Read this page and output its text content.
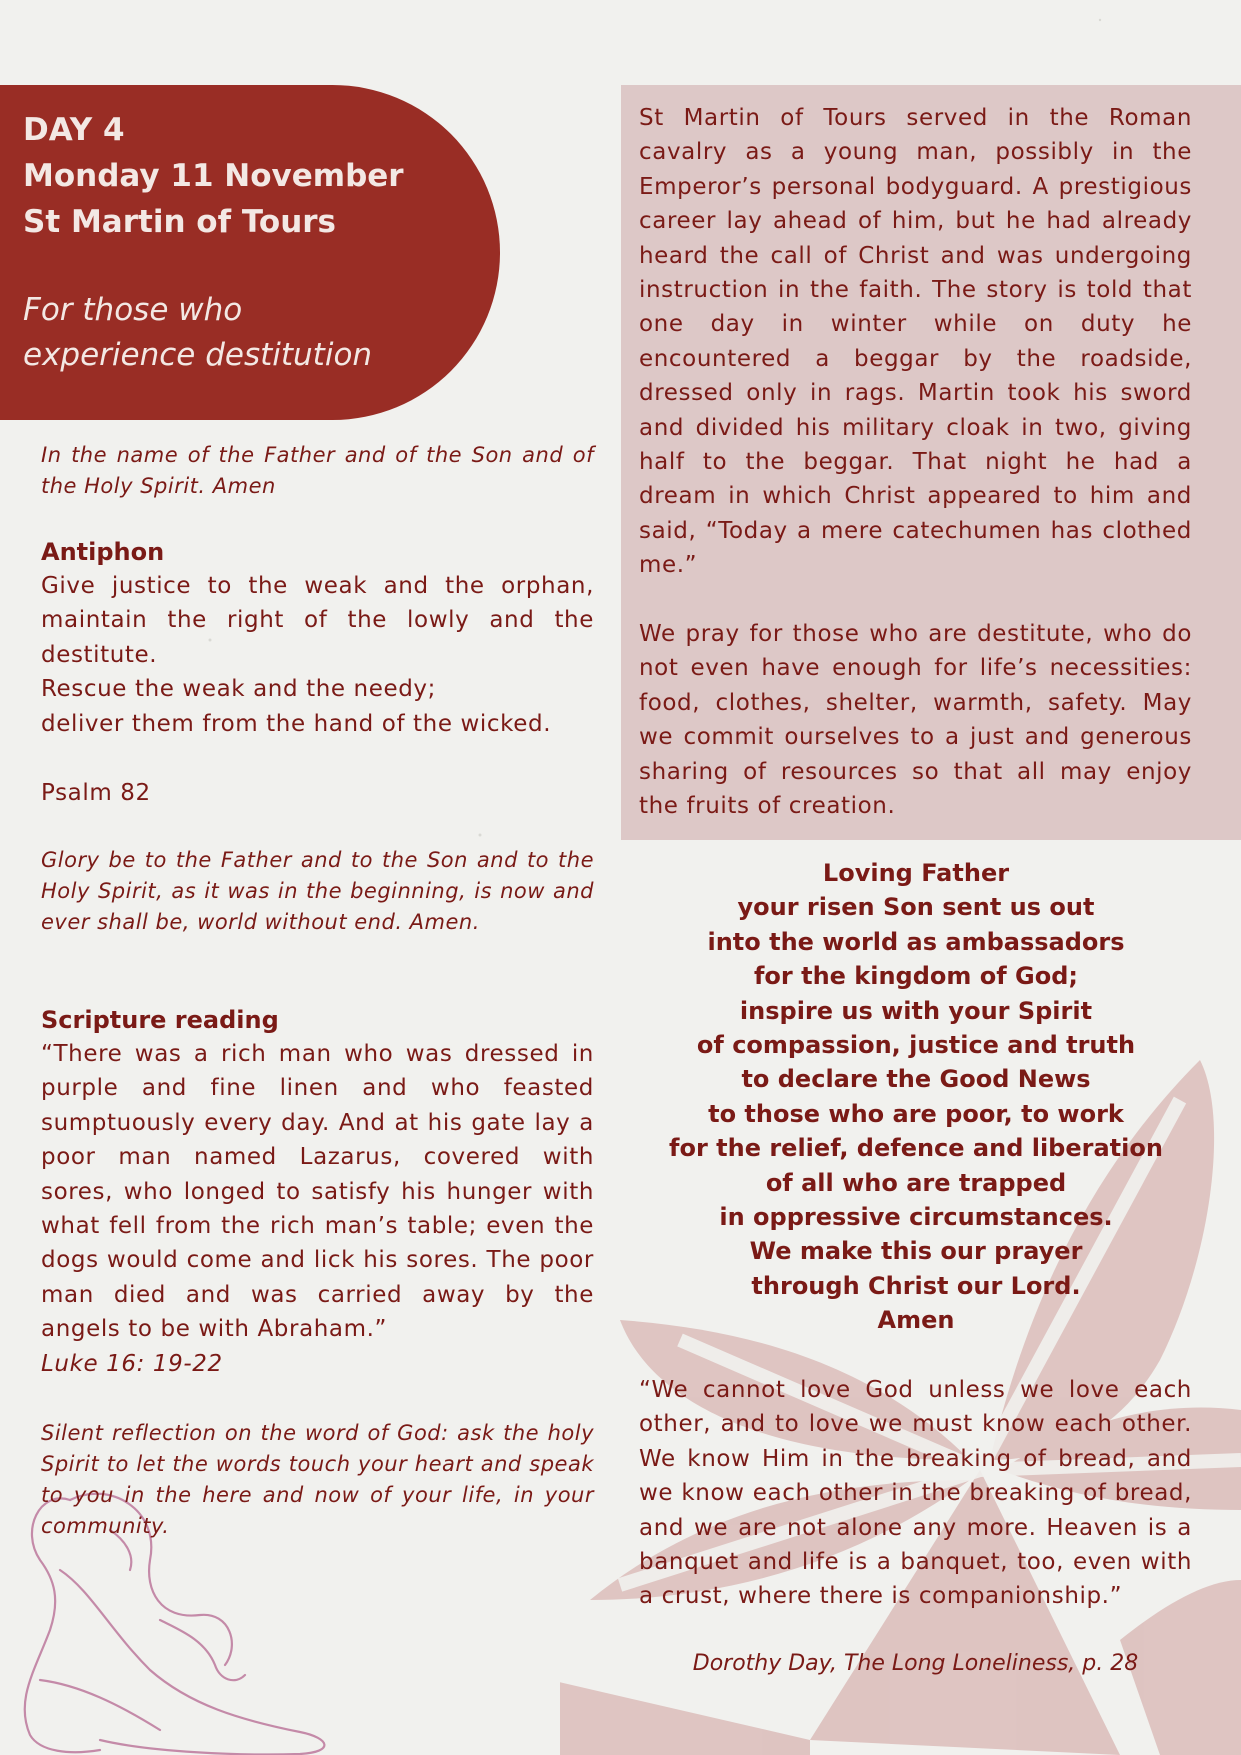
DAY 4

Monday 11 November

St Martin of Tours

For those who
experience destitution
In the name of the Father and of the Son and of the Holy Spirit. Amen

Antiphon

Give justice to the weak and the orphan, maintain the right of the lowly and the destitute.
Rescue the weak and the needy;
deliver them from the hand of the wicked.
Psalm 82
Glory be to the Father and to the Son and to the Holy Spirit, as it was in the beginning, is now and ever shall be, world without end. Amen.

Scripture reading

“There was a rich man who was dressed in purple and fine linen and who feasted sumptuously every day. And at his gate lay a poor man named Lazarus, covered with sores, who longed to satisfy his hunger with what fell from the rich man’s table; even the dogs would come and lick his sores. The poor man died and was carried away by the angels to be with Abraham.”
Luke 16: 19-22
Silent reflection on the word of God: ask the holy Spirit to let the words touch your heart and speak to you in the here and now of your life, in your community.
St Martin of Tours served in the Roman cavalry as a young man, possibly in the Emperor’s personal bodyguard. A prestigious career lay ahead of him, but he had already heard the call of Christ and was undergoing instruction in the faith. The story is told that one day in winter while on duty he encountered a beggar by the roadside, dressed only in rags. Martin took his sword and divided his military cloak in two, giving half to the beggar. That night he had a dream in which Christ appeared to him and said, “Today a mere catechumen has clothed me.”
We pray for those who are destitute, who do not even have enough for life’s necessities: food, clothes, shelter, warmth, safety. May we commit ourselves to a just and generous sharing of resources so that all may enjoy the fruits of creation.
Loving Father
your risen Son sent us out
into the world as ambassadors
for the kingdom of God;
inspire us with your Spirit
of compassion, justice and truth
to declare the Good News
to those who are poor, to work
for the relief, defence and liberation
of all who are trapped
in oppressive circumstances.
We make this our prayer
through Christ our Lord.
Amen
“We cannot love God unless we love each other, and to love we must know each other. We know Him in the breaking of bread, and we know each other in the breaking of bread, and we are not alone any more. Heaven is a banquet and life is a banquet, too, even with a crust, where there is companionship.”
Dorothy Day, The Long Loneliness, p. 28
